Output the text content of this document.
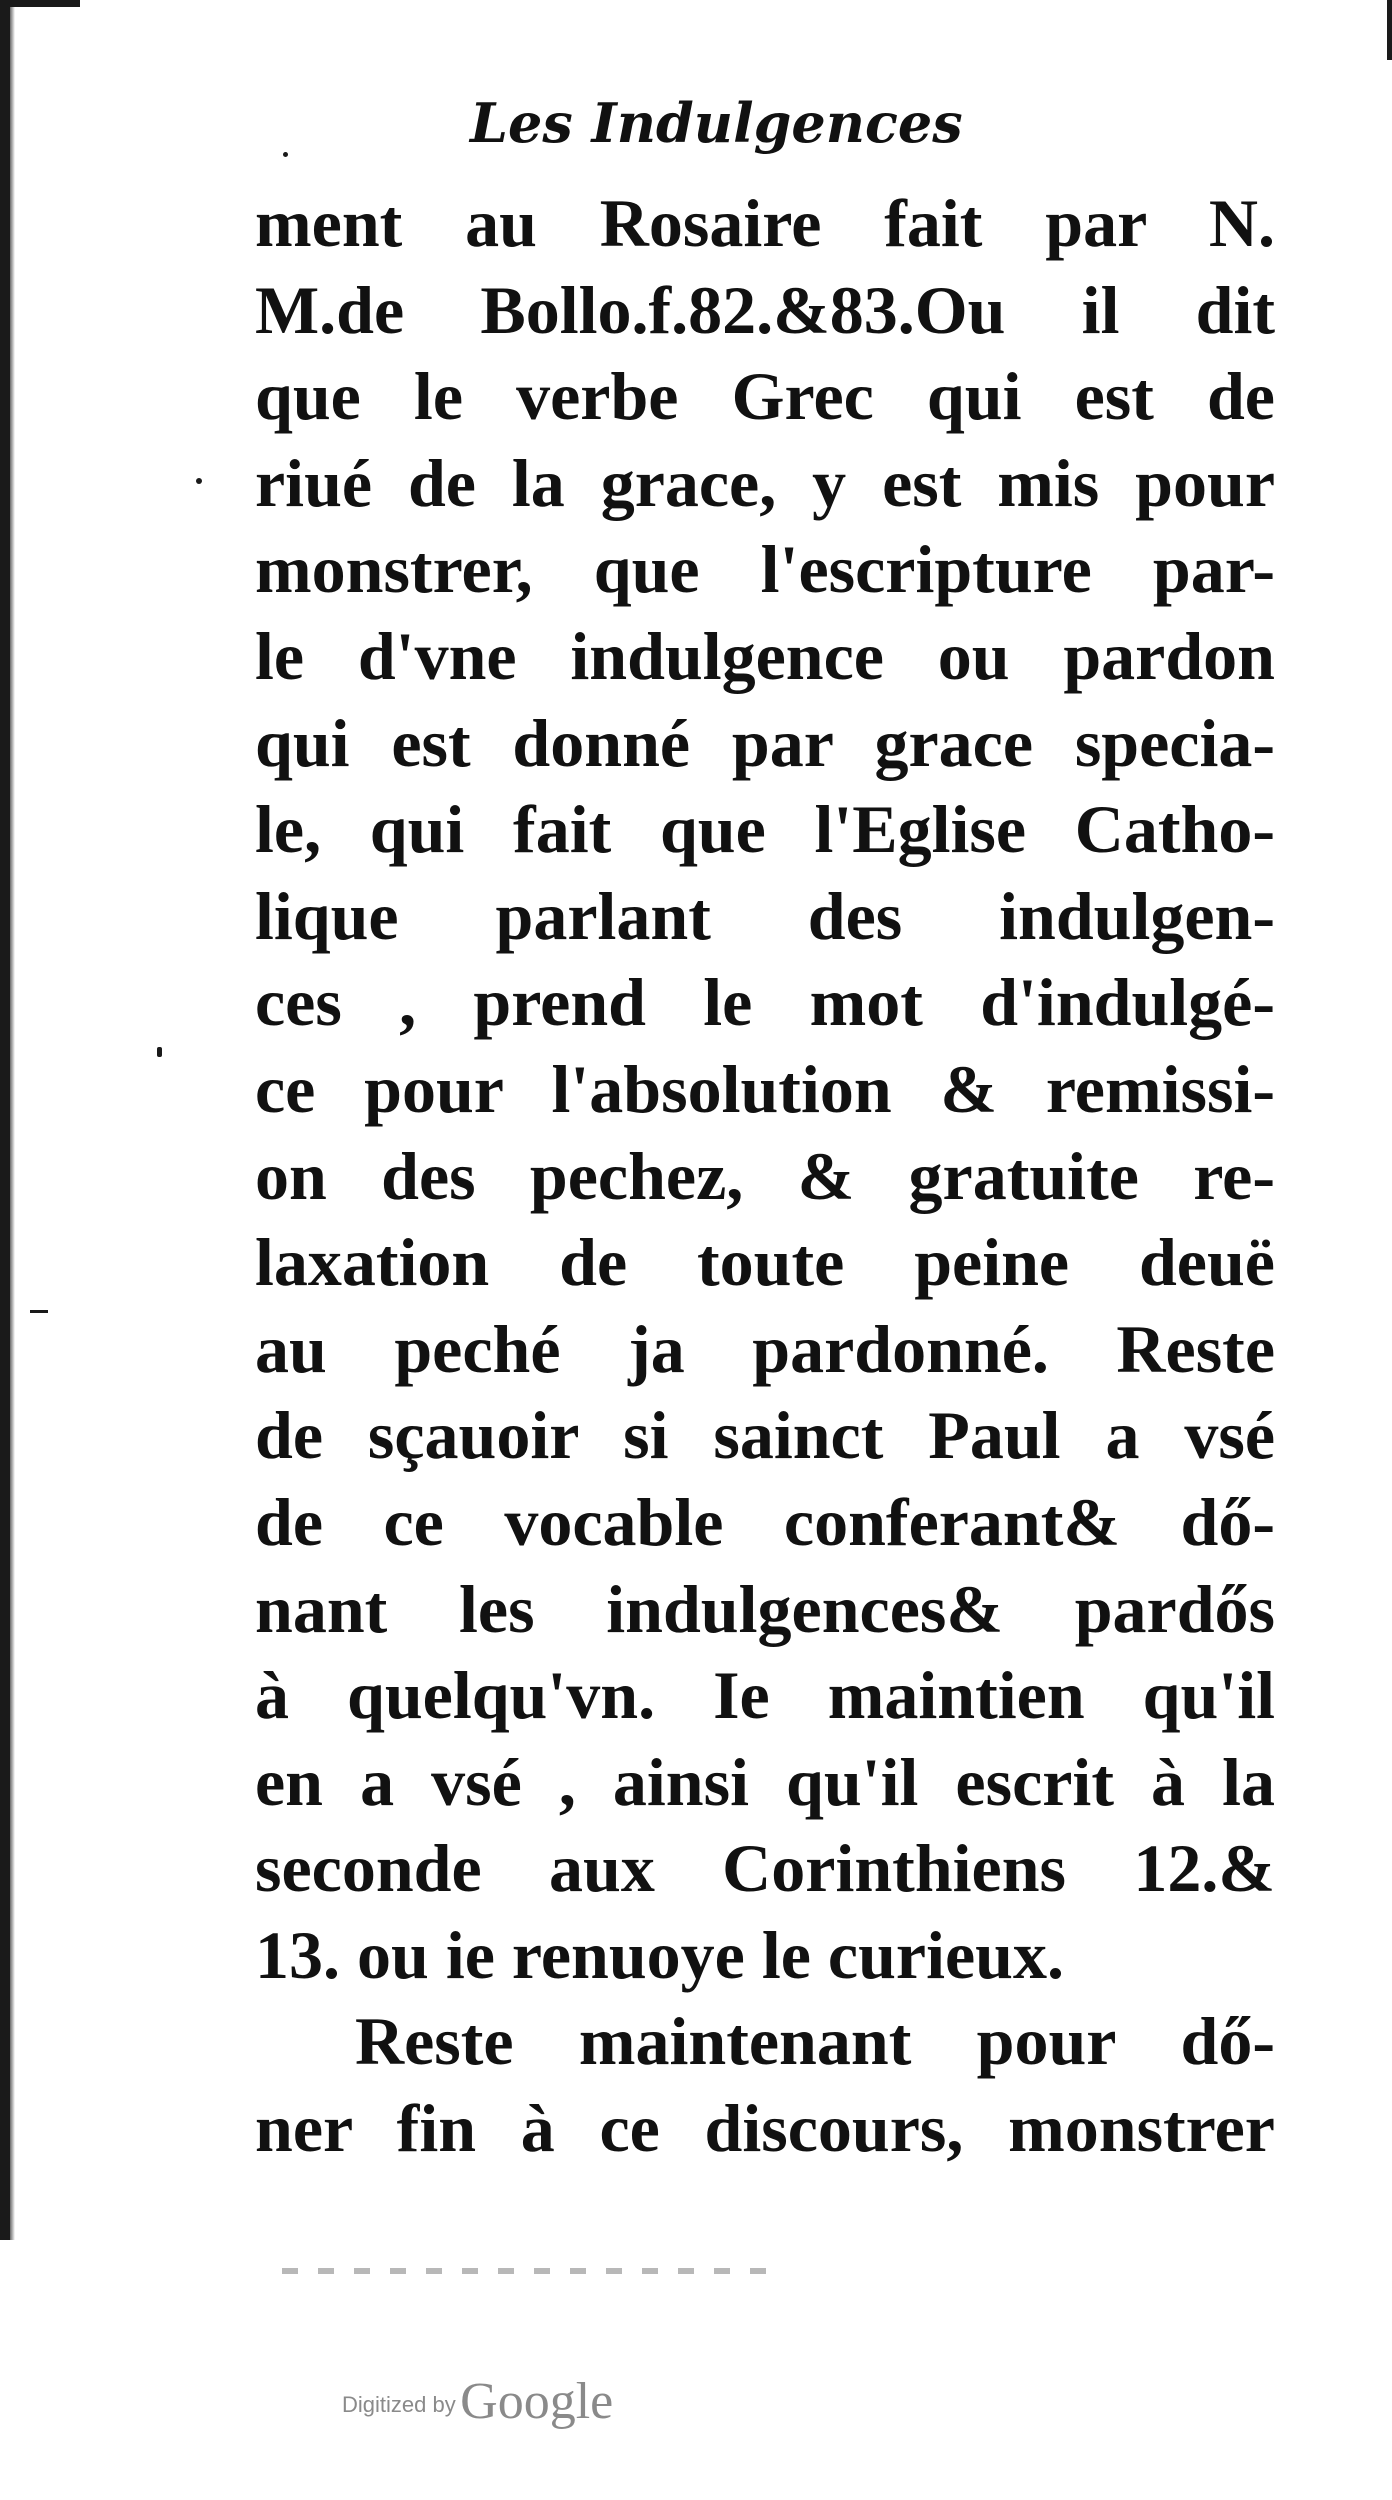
Les Indulgences
ment au Rosaire fait par N.
M.de Bollo.f.82.&83.Ou il dit
que le verbe Grec qui est de
riué de la grace, y est mis pour
monstrer, que l'escripture par-
le d'vne indulgence ou pardon
qui est donné par grace specia-
le, qui fait que l'Eglise Catho-
lique parlant des indulgen-
ces , prend le mot d'indulgé-
ce pour l'absolution & remissi-
on des pechez, & gratuite re-
laxation de toute peine deuë
au peché ja pardonné. Reste
de sçauoir si sainct Paul a vsé
de ce vocable conferant& dő-
nant les indulgences& pardős
à quelqu'vn. Ie maintien qu'il
en a vsé , ainsi qu'il escrit à la
seconde aux Corinthiens 12.&
13. ou ie renuoye le curieux.
Reste maintenant pour dő-
ner fin à ce discours, monstrer
Digitized by Google
